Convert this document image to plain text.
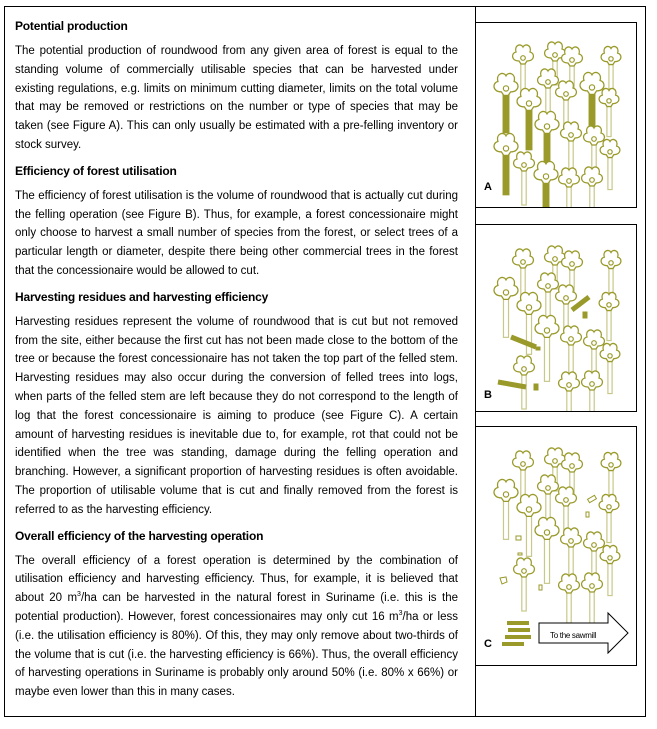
Potential production

The potential production of roundwood from any given area of forest is equal to the standing volume of commercially utilisable species that can be harvested under existing regulations, e.g. limits on minimum cutting diameter, limits on the total volume that may be removed or restrictions on the number or type of species that may be taken (see Figure A). This can only usually be estimated with a pre-felling inventory or stock survey.

Efficiency of forest utilisation

The efficiency of forest utilisation is the volume of roundwood that is actually cut during the felling operation (see Figure B). Thus, for example, a forest concessionaire might only choose to harvest a small number of species from the forest, or select trees of a particular length or diameter, despite there being other commercial trees in the forest that the concessionaire would be allowed to cut.

Harvesting residues and harvesting efficiency

Harvesting residues represent the volume of roundwood that is cut but not removed from the site, either because the first cut has not been made close to the bottom of the tree or because the forest concessionaire has not taken the top part of the felled stem. Harvesting residues may also occur during the conversion of felled trees into logs, when parts of the felled stem are left because they do not correspond to the length of log that the forest concessionaire is aiming to produce (see Figure C). A certain amount of harvesting residues is inevitable due to, for example, rot that could not be identified when the tree was standing, damage during the felling operation and branching. However, a significant proportion of harvesting residues is often avoidable. The proportion of utilisable volume that is cut and finally removed from the forest is referred to as the harvesting efficiency.

Overall efficiency of the harvesting operation

The overall efficiency of a forest operation is determined by the combination of utilisation efficiency and harvesting efficiency. Thus, for example, it is believed that about 20 $m^3/ha$ can be harvested in the natural forest in Suriname (i.e. this is the potential production). However, forest concessionaires may only cut 16 $m^3/ha$ or less (i.e. the utilisation efficiency is 80%). Of this, they may only remove about two-thirds of the volume that is cut (i.e. the harvesting efficiency is 66%). Thus, the overall efficiency of harvesting operations in Suriname is probably only around 50% (i.e. 80% x 66%) or maybe even lower than this in many cases.

A
B
C
To the sawmill
